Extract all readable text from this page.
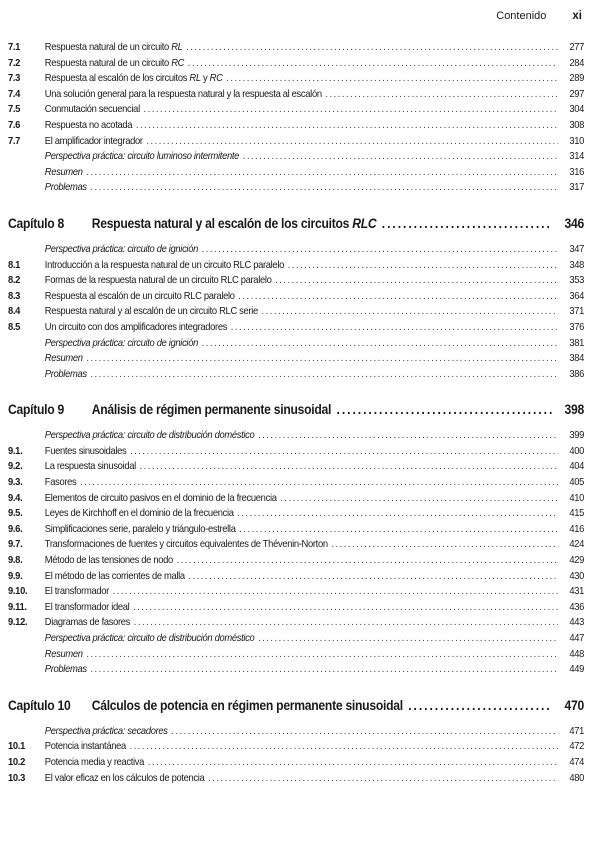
Contenido xi
7.1	Respuesta natural de un circuito RL . . .	277
7.2	Respuesta natural de un circuito RC . . .	284
7.3	Respuesta al escalón de los circuitos RL y RC . . .	289
7.4	Una solución general para la respuesta natural y la respuesta al escalón . . .	297
7.5	Conmutación secuencial . . .	304
7.6	Respuesta no acotada . . .	308
7.7	El amplificador integrador . . .	310
Perspectiva práctica: circuito luminoso intermitente . . .	314
Resumen . . .	316
Problemas . . .	317
Capítulo 8	Respuesta natural y al escalón de los circuitos RLC . . .	346
Perspectiva práctica: circuito de ignición . . .	347
8.1	Introducción a la respuesta natural de un circuito RLC paralelo . . .	348
8.2	Formas de la respuesta natural de un circuito RLC paralelo . . .	353
8.3	Respuesta al escalón de un circuito RLC paralelo . . .	364
8.4	Respuesta natural y al escalón de un circuito RLC serie . . .	371
8.5	Un circuito con dos amplificadores integradores . . .	376
Perspectiva práctica: circuito de ignición . . .	381
Resumen . . .	384
Problemas . . .	386
Capítulo 9	Análisis de régimen permanente sinusoidal . . .	398
Perspectiva práctica: circuito de distribución doméstico . . .	399
9.1.	Fuentes sinusoidales . . .	400
9.2.	La respuesta sinusoidal . . .	404
9.3.	Fasores . . .	405
9.4.	Elementos de circuito pasivos en el dominio de la frecuencia . . .	410
9.5.	Leyes de Kirchhoff en el dominio de la frecuencia . . .	415
9.6.	Simplificaciones serie, paralelo y triángulo-estrella . . .	416
9.7.	Transformaciones de fuentes y circuitos equivalentes de Thévenin-Norton . . .	424
9.8.	Método de las tensiones de nodo . . .	429
9.9.	El método de las corrientes de malla . . .	430
9.10.	El transformador . . .	431
9.11.	El transformador ideal . . .	436
9.12.	Diagramas de fasores . . .	443
Perspectiva práctica: circuito de distribución doméstico . . .	447
Resumen . . .	448
Problemas . . .	449
Capítulo 10	Cálculos de potencia en régimen permanente sinusoidal . . .	470
Perspectiva práctica: secadores . . .	471
10.1	Potencia instantánea . . .	472
10.2	Potencia media y reactiva . . .	474
10.3	El valor eficaz en los cálculos de potencia . . .	480
